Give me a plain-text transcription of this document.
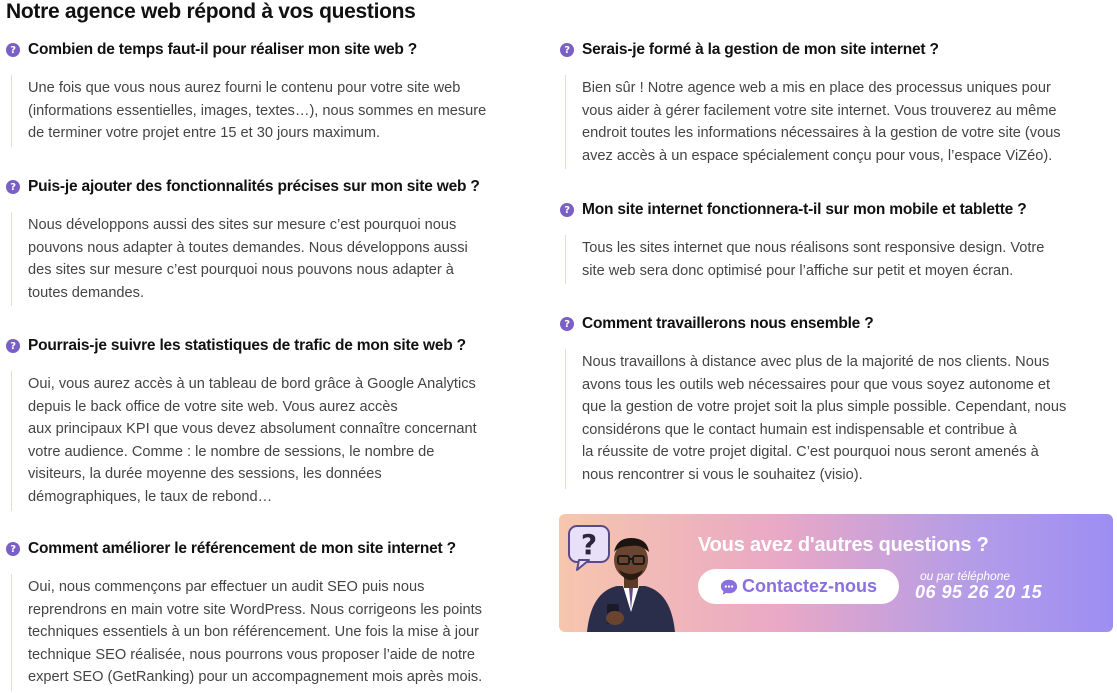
Notre agence web répond à vos questions
? Combien de temps faut-il pour réaliser mon site web ?
Une fois que vous nous aurez fourni le contenu pour votre site web
(informations essentielles, images, textes…), nous sommes en mesure
de terminer votre projet entre 15 et 30 jours maximum.
? Puis-je ajouter des fonctionnalités précises sur mon site web ?
Nous développons aussi des sites sur mesure c’est pourquoi nous
pouvons nous adapter à toutes demandes. Nous développons aussi
des sites sur mesure c’est pourquoi nous pouvons nous adapter à
toutes demandes.
? Pourrais-je suivre les statistiques de trafic de mon site web ?
Oui, vous aurez accès à un tableau de bord grâce à Google Analytics
depuis le back office de votre site web. Vous aurez accès
aux principaux KPI que vous devez absolument connaître concernant
votre audience. Comme : le nombre de sessions, le nombre de
visiteurs, la durée moyenne des sessions, les données
démographiques, le taux de rebond…
? Comment améliorer le référencement de mon site internet ?
Oui, nous commençons par effectuer un audit SEO puis nous
reprendrons en main votre site WordPress. Nous corrigeons les points
techniques essentiels à un bon référencement. Une fois la mise à jour
technique SEO réalisée, nous pourrons vous proposer l’aide de notre
expert SEO (GetRanking) pour un accompagnement mois après mois.
? Serais-je formé à la gestion de mon site internet ?
Bien sûr ! Notre agence web a mis en place des processus uniques pour
vous aider à gérer facilement votre site internet. Vous trouverez au même
endroit toutes les informations nécessaires à la gestion de votre site (vous
avez accès à un espace spécialement conçu pour vous, l’espace ViZéo).
? Mon site internet fonctionnera-t-il sur mon mobile et tablette ?
Tous les sites internet que nous réalisons sont responsive design. Votre
site web sera donc optimisé pour l’affiche sur petit et moyen écran.
? Comment travaillerons nous ensemble ?
Nous travaillons à distance avec plus de la majorité de nos clients. Nous
avons tous les outils web nécessaires pour que vous soyez autonome et
que la gestion de votre projet soit la plus simple possible. Cependant, nous
considérons que le contact humain est indispensable et contribue à
la réussite de votre projet digital. C’est pourquoi nous seront amenés à
nous rencontrer si vous le souhaitez (visio).
?	Vous avez d'autres questions ?
Contactez-nous	ou par téléphone
06 95 26 20 15
